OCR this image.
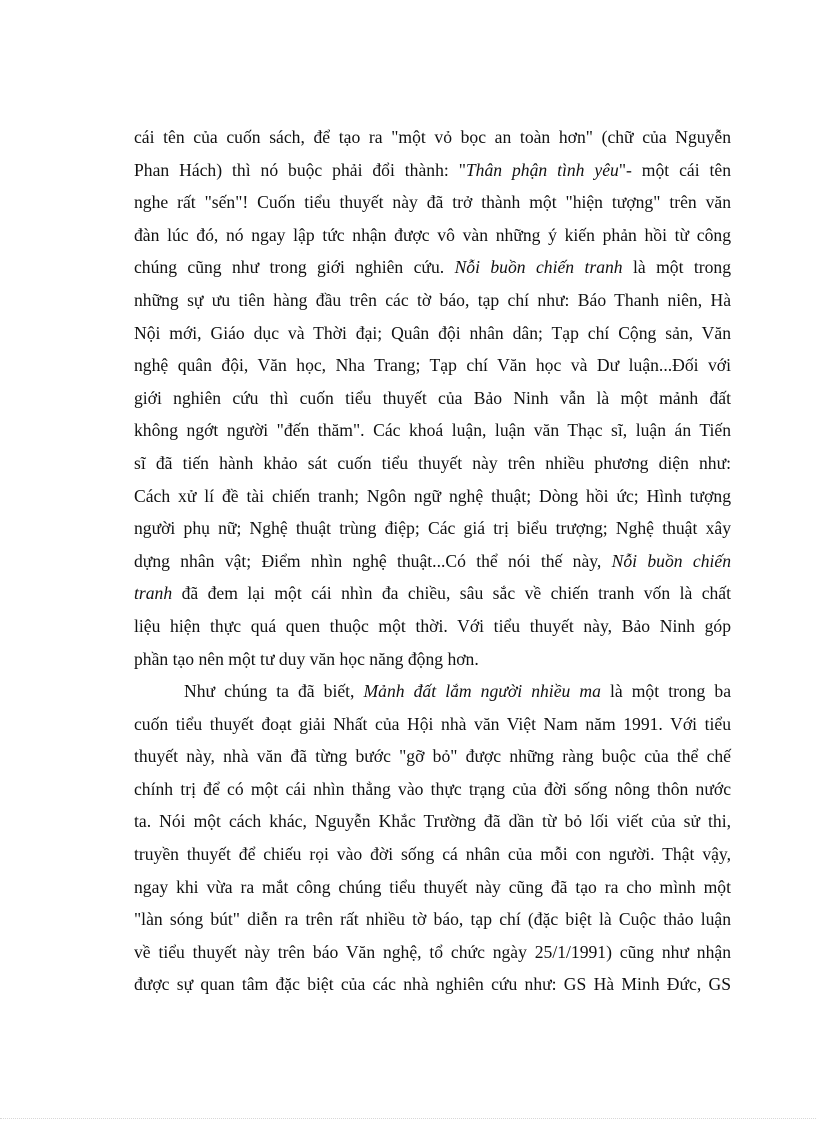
cái tên của cuốn sách, để tạo ra "một vỏ bọc an toàn hơn" (chữ của Nguyễn
Phan Hách) thì nó buộc phải đổi thành: "Thân phận tình yêu"- một cái tên
nghe rất "sến"! Cuốn tiểu thuyết này đã trở thành một "hiện tượng" trên văn
đàn lúc đó, nó ngay lập tức nhận được vô vàn những ý kiến phản hồi từ công
chúng cũng như trong giới nghiên cứu. Nỗi buồn chiến tranh là một trong
những sự ưu tiên hàng đầu trên các tờ báo, tạp chí như: Báo Thanh niên, Hà
Nội mới, Giáo dục và Thời đại; Quân đội nhân dân; Tạp chí Cộng sản, Văn
nghệ quân đội, Văn học, Nha Trang; Tạp chí Văn học và Dư luận...Đối với
giới nghiên cứu thì cuốn tiểu thuyết của Bảo Ninh vẫn là một mảnh đất
không ngớt người "đến thăm". Các khoá luận, luận văn Thạc sĩ, luận án Tiến
sĩ đã tiến hành khảo sát cuốn tiểu thuyết này trên nhiều phương diện như:
Cách xử lí đề tài chiến tranh; Ngôn ngữ nghệ thuật; Dòng hồi ức; Hình tượng
người phụ nữ; Nghệ thuật trùng điệp; Các giá trị biểu trượng; Nghệ thuật xây
dựng nhân vật; Điểm nhìn nghệ thuật...Có thể nói thế này, Nỗi buồn chiến
tranh đã đem lại một cái nhìn đa chiều, sâu sắc về chiến tranh vốn là chất
liệu hiện thực quá quen thuộc một thời. Với tiểu thuyết này, Bảo Ninh góp
phần tạo nên một tư duy văn học năng động hơn.
Như chúng ta đã biết, Mảnh đất lắm người nhiều ma là một trong ba
cuốn tiểu thuyết đoạt giải Nhất của Hội nhà văn Việt Nam năm 1991. Với tiểu
thuyết này, nhà văn đã từng bước "gỡ bỏ" được những ràng buộc của thể chế
chính trị để có một cái nhìn thẳng vào thực trạng của đời sống nông thôn nước
ta. Nói một cách khác, Nguyễn Khắc Trường đã dần từ bỏ lối viết của sử thi,
truyền thuyết để chiếu rọi vào đời sống cá nhân của mỗi con người. Thật vậy,
ngay khi vừa ra mắt công chúng tiểu thuyết này cũng đã tạo ra cho mình một
"làn sóng bút" diễn ra trên rất nhiều tờ báo, tạp chí (đặc biệt là Cuộc thảo luận
về tiểu thuyết này trên báo Văn nghệ, tổ chức ngày 25/1/1991) cũng như nhận
được sự quan tâm đặc biệt của các nhà nghiên cứu như: GS Hà Minh Đức, GS
